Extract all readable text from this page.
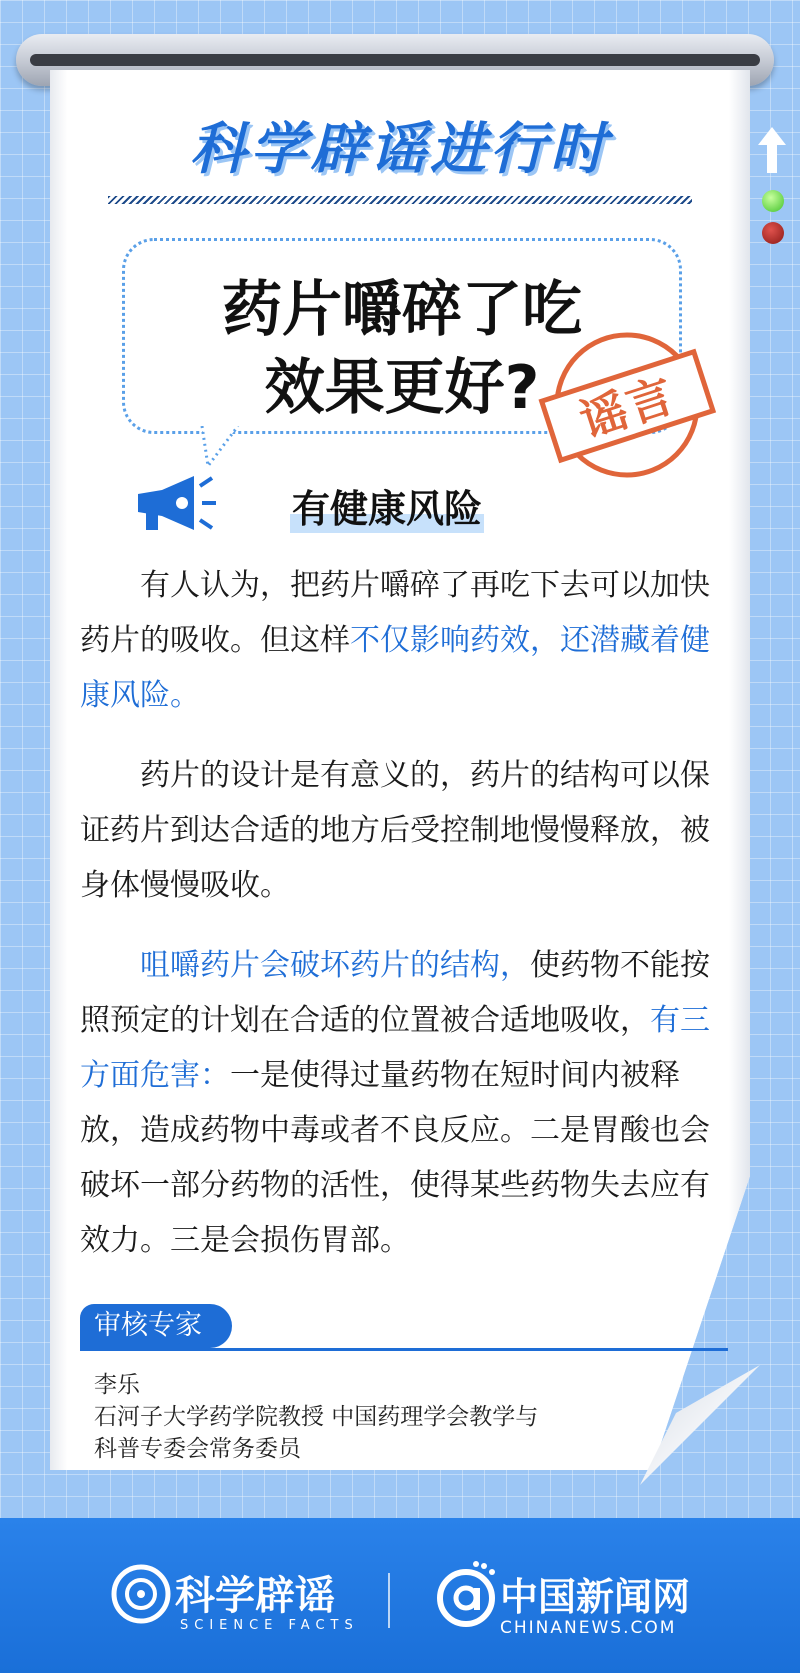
科学辟谣进行时
药片嚼碎了吃
效果更好? 谣言
有健康风险

有人认为，把药片嚼碎了再吃下去可以加快药片的吸收。但这样不仅影响药效，还潜藏着健康风险。

药片的设计是有意义的，药片的结构可以保证药片到达合适的地方后受控制地慢慢释放，被身体慢慢吸收。

咀嚼药片会破坏药片的结构，使药物不能按照预定的计划在合适的位置被合适地吸收，有三方面危害：一是使得过量药物在短时间内被释放，造成药物中毒或者不良反应。二是胃酸也会破坏一部分药物的活性，使得某些药物失去应有效力。三是会损伤胃部。

审核专家

李乐

石河子大学药学院教授 中国药理学会教学与

科普专委会常务委员

科学辟谣
SCIENCE FACTS
中国新闻网
CHINANEWS.COM
